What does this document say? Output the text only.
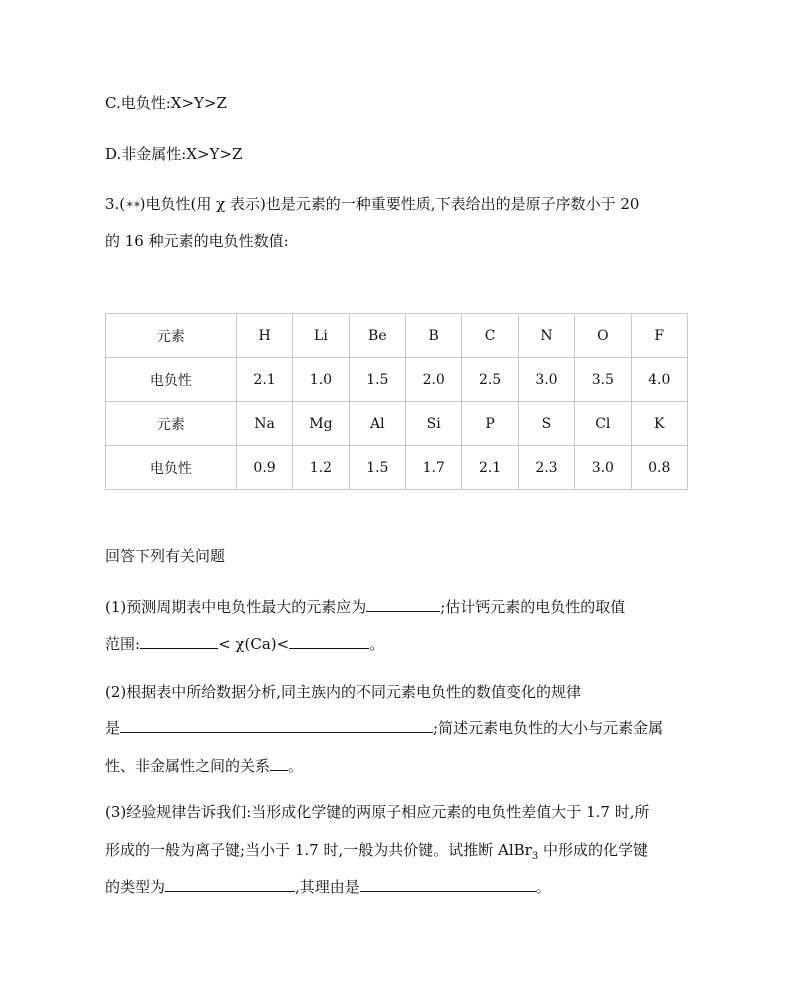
C.电负性:X>Y>Z
D.非金属性:X>Y>Z
3.(✶✶)电负性(用 χ 表示)也是元素的一种重要性质,下表给出的是原子序数小于 20
的 16 种元素的电负性数值:
元素	H	Li	Be	B	C	N	O	F
电负性	2.1	1.0	1.5	2.0	2.5	3.0	3.5	4.0
元素	Na	Mg	Al	Si	P	S	Cl	K
电负性	0.9	1.2	1.5	1.7	2.1	2.3	3.0	0.8
回答下列有关问题
(1)预测周期表中电负性最大的元素应为	;估计钙元素的电负性的取值
范围:	< χ(Ca)<	。
(2)根据表中所给数据分析,同主族内的不同元素电负性的数值变化的规律
是	;简述元素电负性的大小与元素金属
性、非金属性之间的关系 。
(3)经验规律告诉我们:当形成化学键的两原子相应元素的电负性差值大于 1.7 时,所
形成的一般为离子键;当小于 1.7 时,一般为共价键。试推断 AlBr$_3$ 中形成的化学键
的类型为	,其理由是	。
